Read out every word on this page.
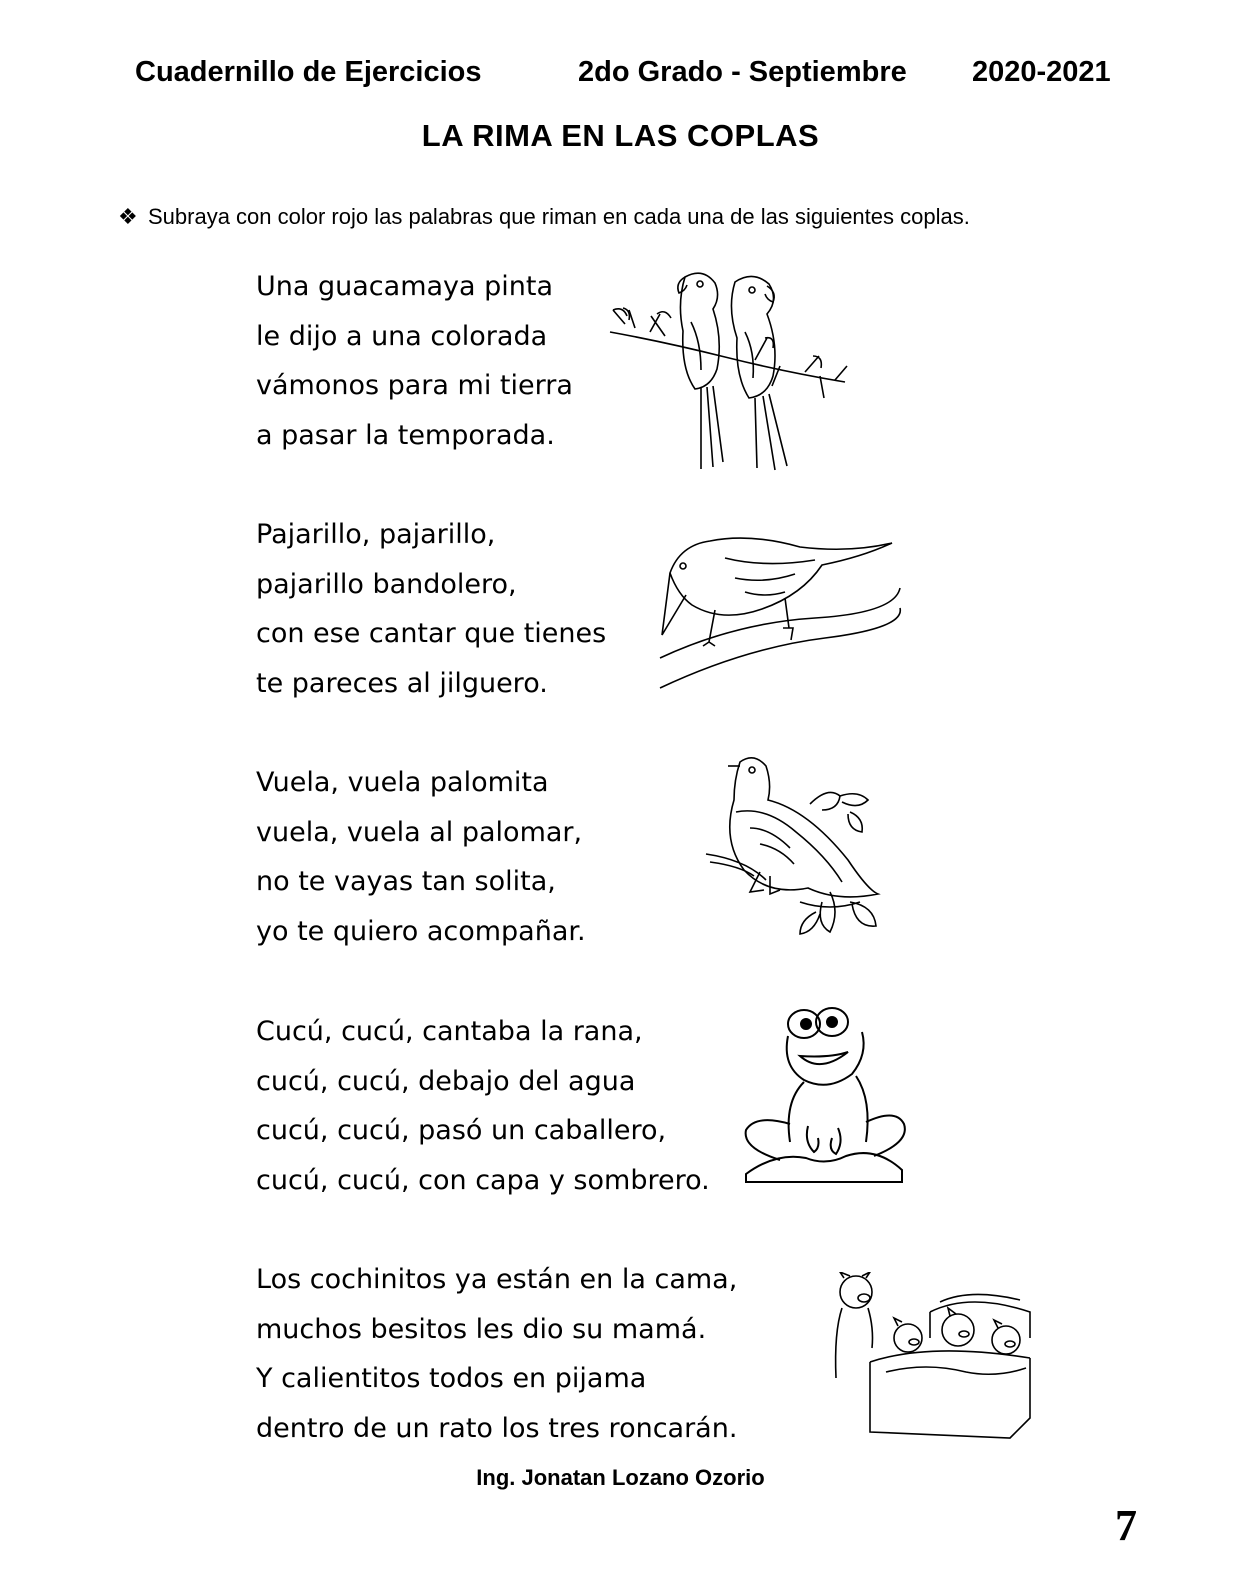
Cuadernillo de Ejercicios	2do Grado - Septiembre 2020-2021
LA RIMA EN LAS COPLAS
❖ Subraya con color rojo las palabras que riman en cada una de las siguientes coplas.
Una guacamaya pinta
le dijo a una colorada
vámonos para mi tierra
a pasar la temporada.
Pajarillo, pajarillo,
pajarillo bandolero,
con ese cantar que tienes
te pareces al jilguero.
Vuela, vuela palomita
vuela, vuela al palomar,
no te vayas tan solita,
yo te quiero acompañar.
Cucú, cucú, cantaba la rana,
cucú, cucú, debajo del agua
cucú, cucú, pasó un caballero,
cucú, cucú, con capa y sombrero.
Los cochinitos ya están en la cama,
muchos besitos les dio su mamá.
Y calientitos todos en pijama
dentro de un rato los tres roncarán.
Ing. Jonatan Lozano Ozorio
7
